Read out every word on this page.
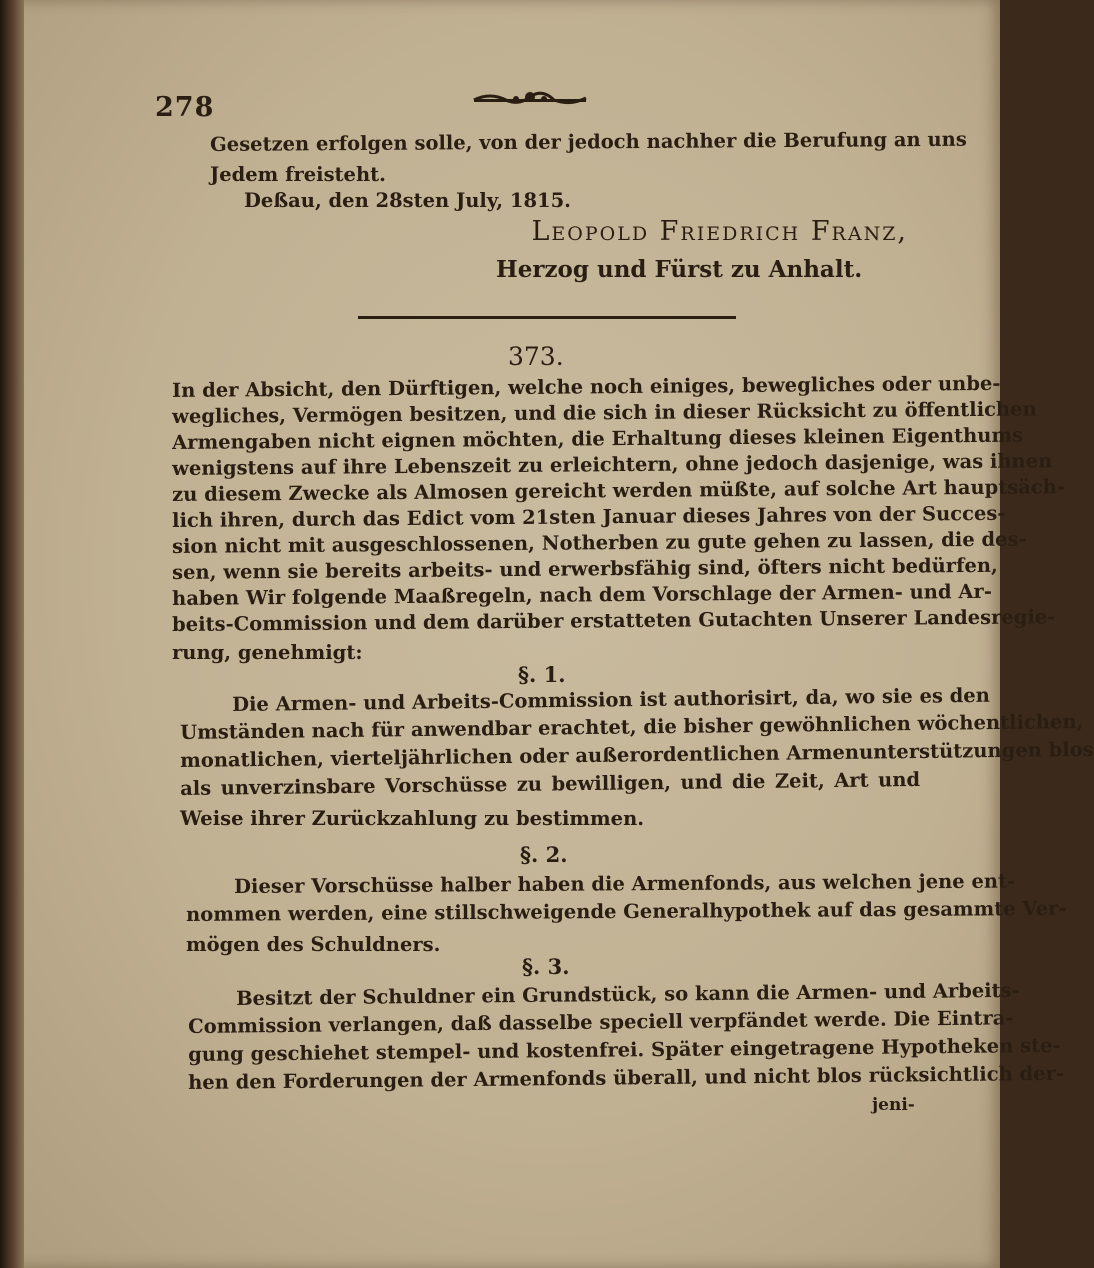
278
Gesetzen erfolgen solle, von der jedoch nachher die Berufung an uns
Jedem freisteht.
Deßau, den 28sten July, 1815.
Leopold Friedrich Franz,
Herzog und Fürst zu Anhalt.
373.
In der Absicht, den Dürftigen, welche noch einiges, bewegliches oder unbe-
wegliches, Vermögen besitzen, und die sich in dieser Rücksicht zu öffentlichen
Armengaben nicht eignen möchten, die Erhaltung dieses kleinen Eigenthums
wenigstens auf ihre Lebenszeit zu erleichtern, ohne jedoch dasjenige, was ihnen
zu diesem Zwecke als Almosen gereicht werden müßte, auf solche Art hauptsäch-
lich ihren, durch das Edict vom 21sten Januar dieses Jahres von der Succes-
sion nicht mit ausgeschlossenen, Notherben zu gute gehen zu lassen, die des-
sen, wenn sie bereits arbeits- und erwerbsfähig sind, öfters nicht bedürfen,
haben Wir folgende Maaßregeln, nach dem Vorschlage der Armen- und Ar-
beits-Commission und dem darüber erstatteten Gutachten Unserer Landesregie-
rung, genehmigt:
§. 1.
Die Armen- und Arbeits-Commission ist authorisirt, da, wo sie es den
Umständen nach für anwendbar erachtet, die bisher gewöhnlichen wöchentlichen,
monatlichen, vierteljährlichen oder außerordentlichen Armenunterstützungen blos
als unverzinsbare Vorschüsse zu bewilligen, und die Zeit, Art und
Weise ihrer Zurückzahlung zu bestimmen.
§. 2.
Dieser Vorschüsse halber haben die Armenfonds, aus welchen jene ent-
nommen werden, eine stillschweigende Generalhypothek auf das gesammte Ver-
mögen des Schuldners.
§. 3.
Besitzt der Schuldner ein Grundstück, so kann die Armen- und Arbeits-
Commission verlangen, daß dasselbe speciell verpfändet werde. Die Eintra-
gung geschiehet stempel- und kostenfrei. Später eingetragene Hypotheken ste-
hen den Forderungen der Armenfonds überall, und nicht blos rücksichtlich der-
jeni-
